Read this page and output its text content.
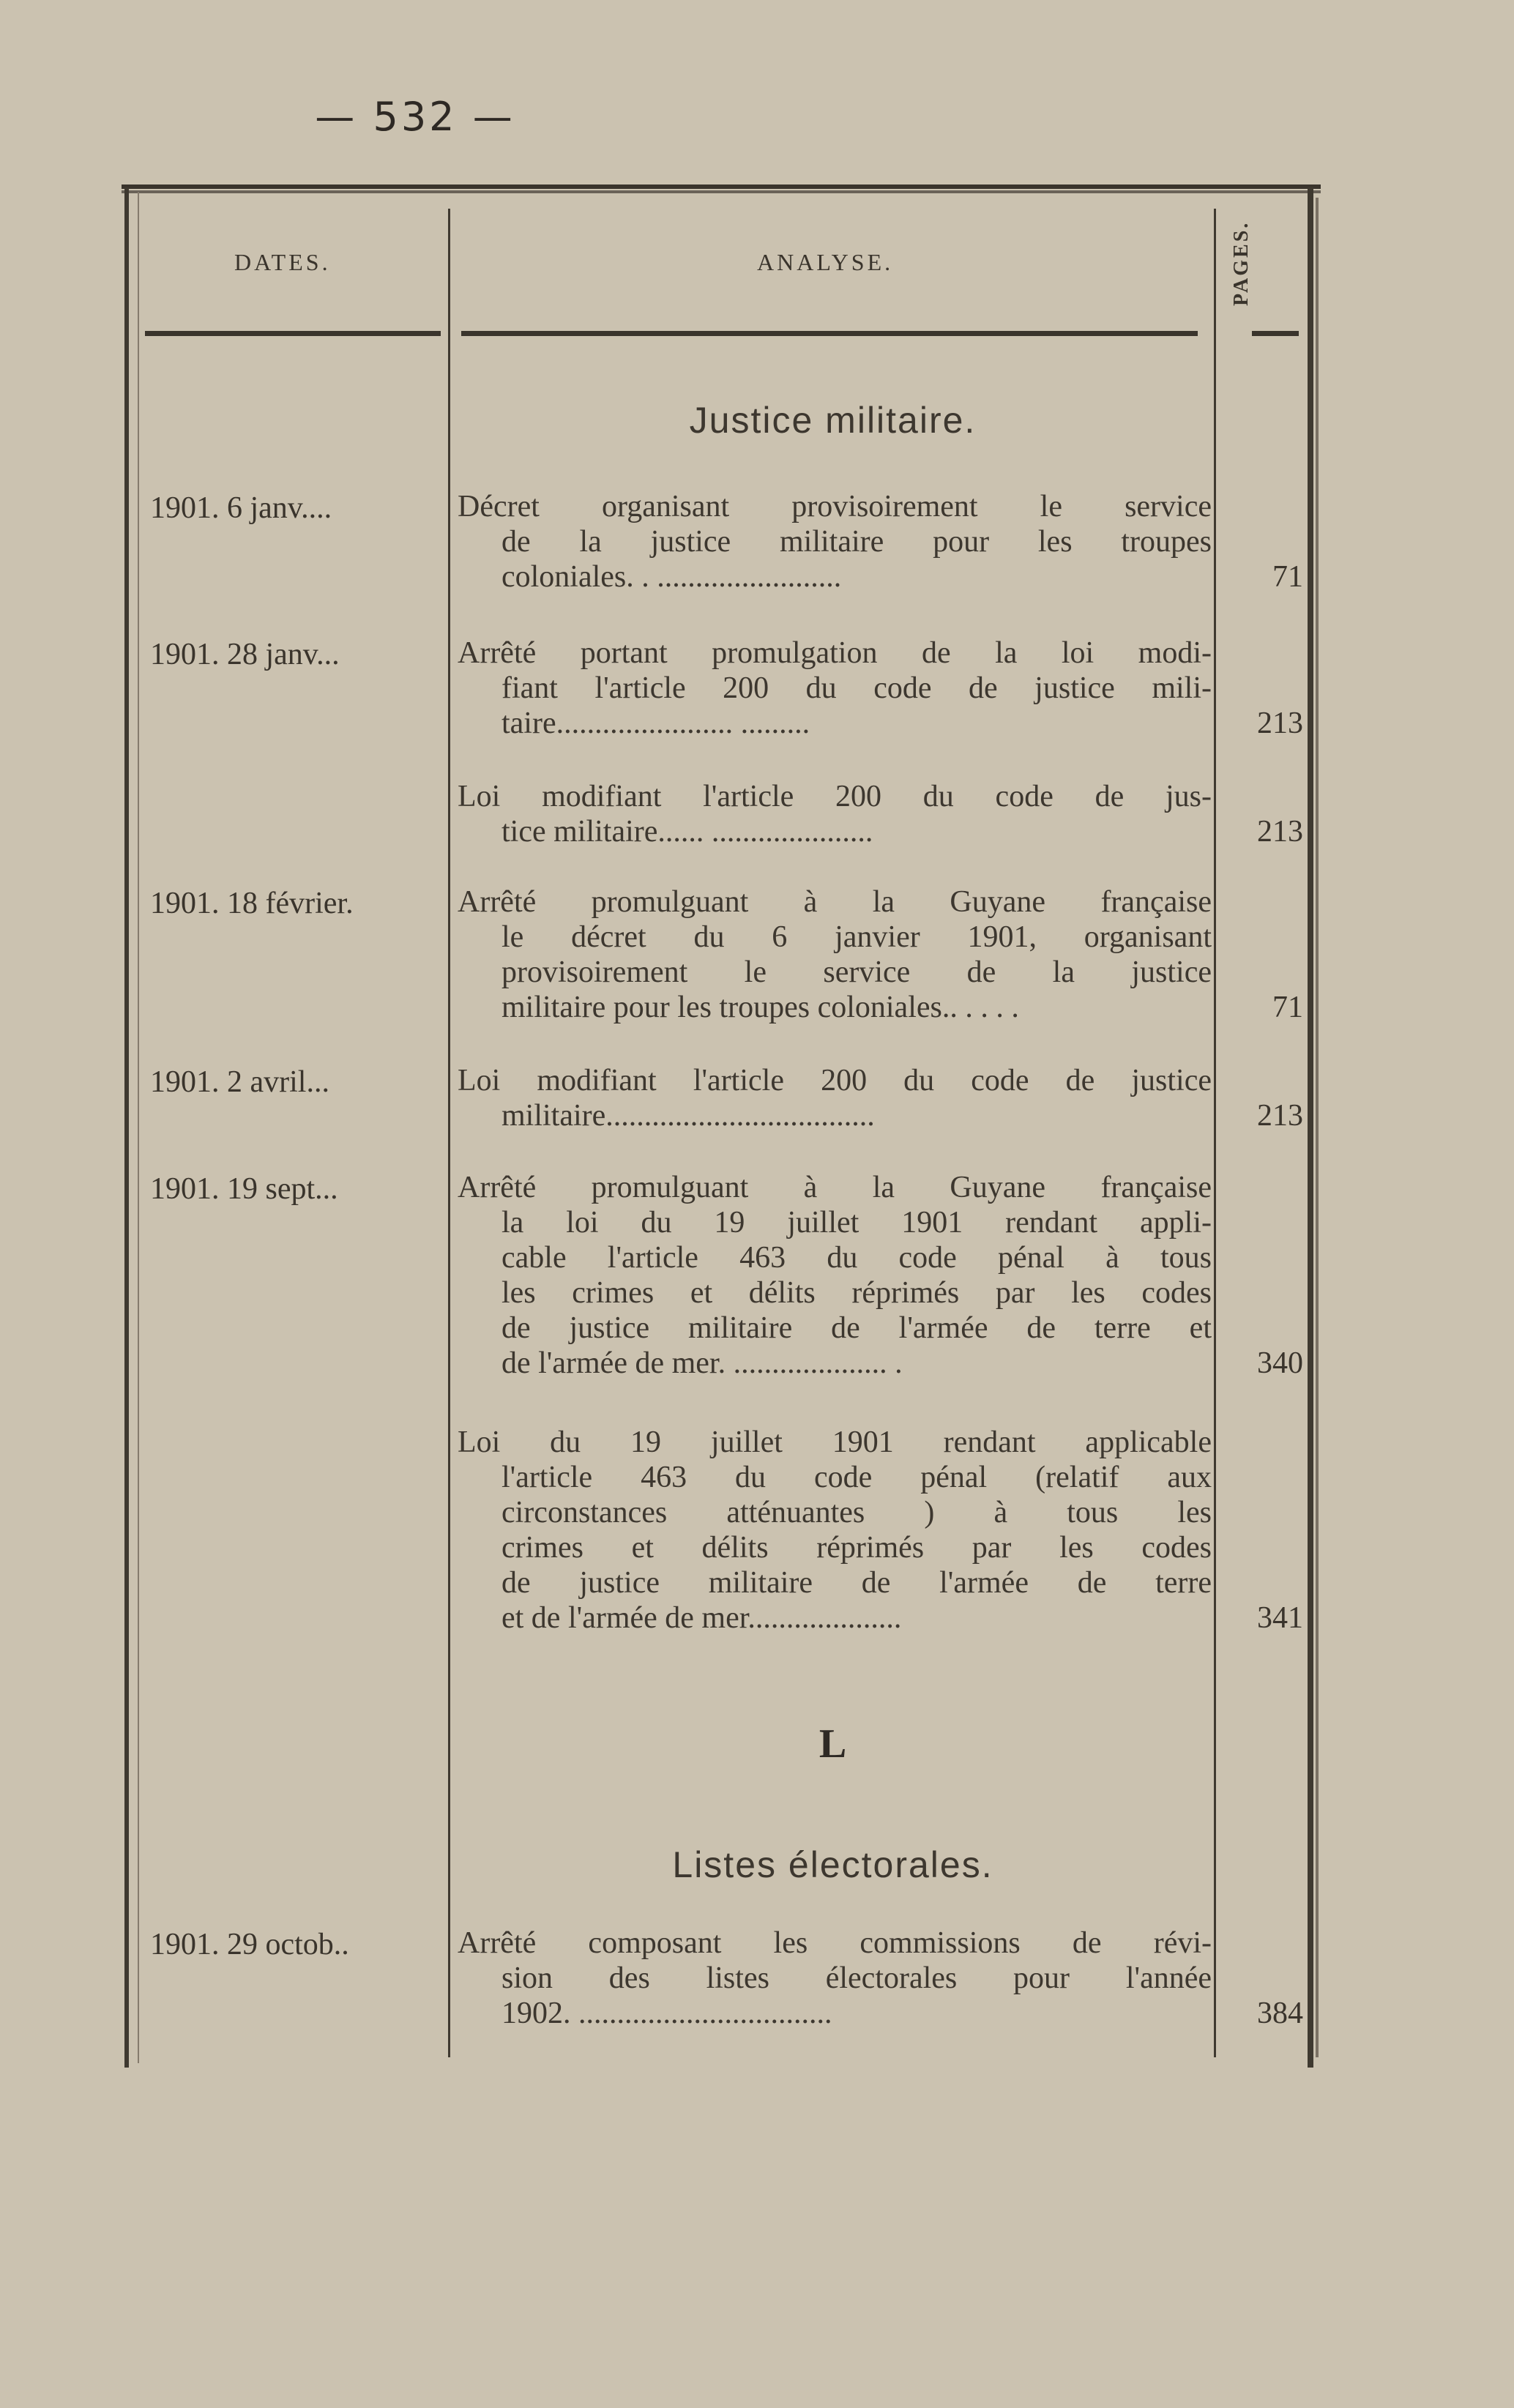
— 532 —
DATES.	ANALYSE.	PAGES.
Justice militaire.
1901. 6 janv....	Décret organisant provisoirement le service
de la justice militaire pour les troupes
coloniales. . ........................	71
1901. 28 janv...	Arrêté portant promulgation de la loi modi-
fiant l'article 200 du code de justice mili-
taire....................... .........	213
Loi modifiant l'article 200 du code de jus-
tice militaire...... .....................	213
1901. 18 février.	Arrêté promulguant à la Guyane française
le décret du 6 janvier 1901, organisant
provisoirement le service de la justice
militaire pour les troupes coloniales.. . . . .	71
1901. 2 avril...	Loi modifiant l'article 200 du code de justice
militaire...................................	213
1901. 19 sept...	Arrêté promulguant à la Guyane française
la loi du 19 juillet 1901 rendant appli-
cable l'article 463 du code pénal à tous
les crimes et délits réprimés par les codes
de justice militaire de l'armée de terre et
de l'armée de mer. .................... .	340
Loi du 19 juillet 1901 rendant applicable
l'article 463 du code pénal (relatif aux
circonstances atténuantes ) à tous les
crimes et délits réprimés par les codes
de justice militaire de l'armée de terre
et de l'armée de mer....................	341
L
Listes électorales.
1901. 29 octob..	Arrêté composant les commissions de révi-
sion des listes électorales pour l'année
1902. .................................	384
